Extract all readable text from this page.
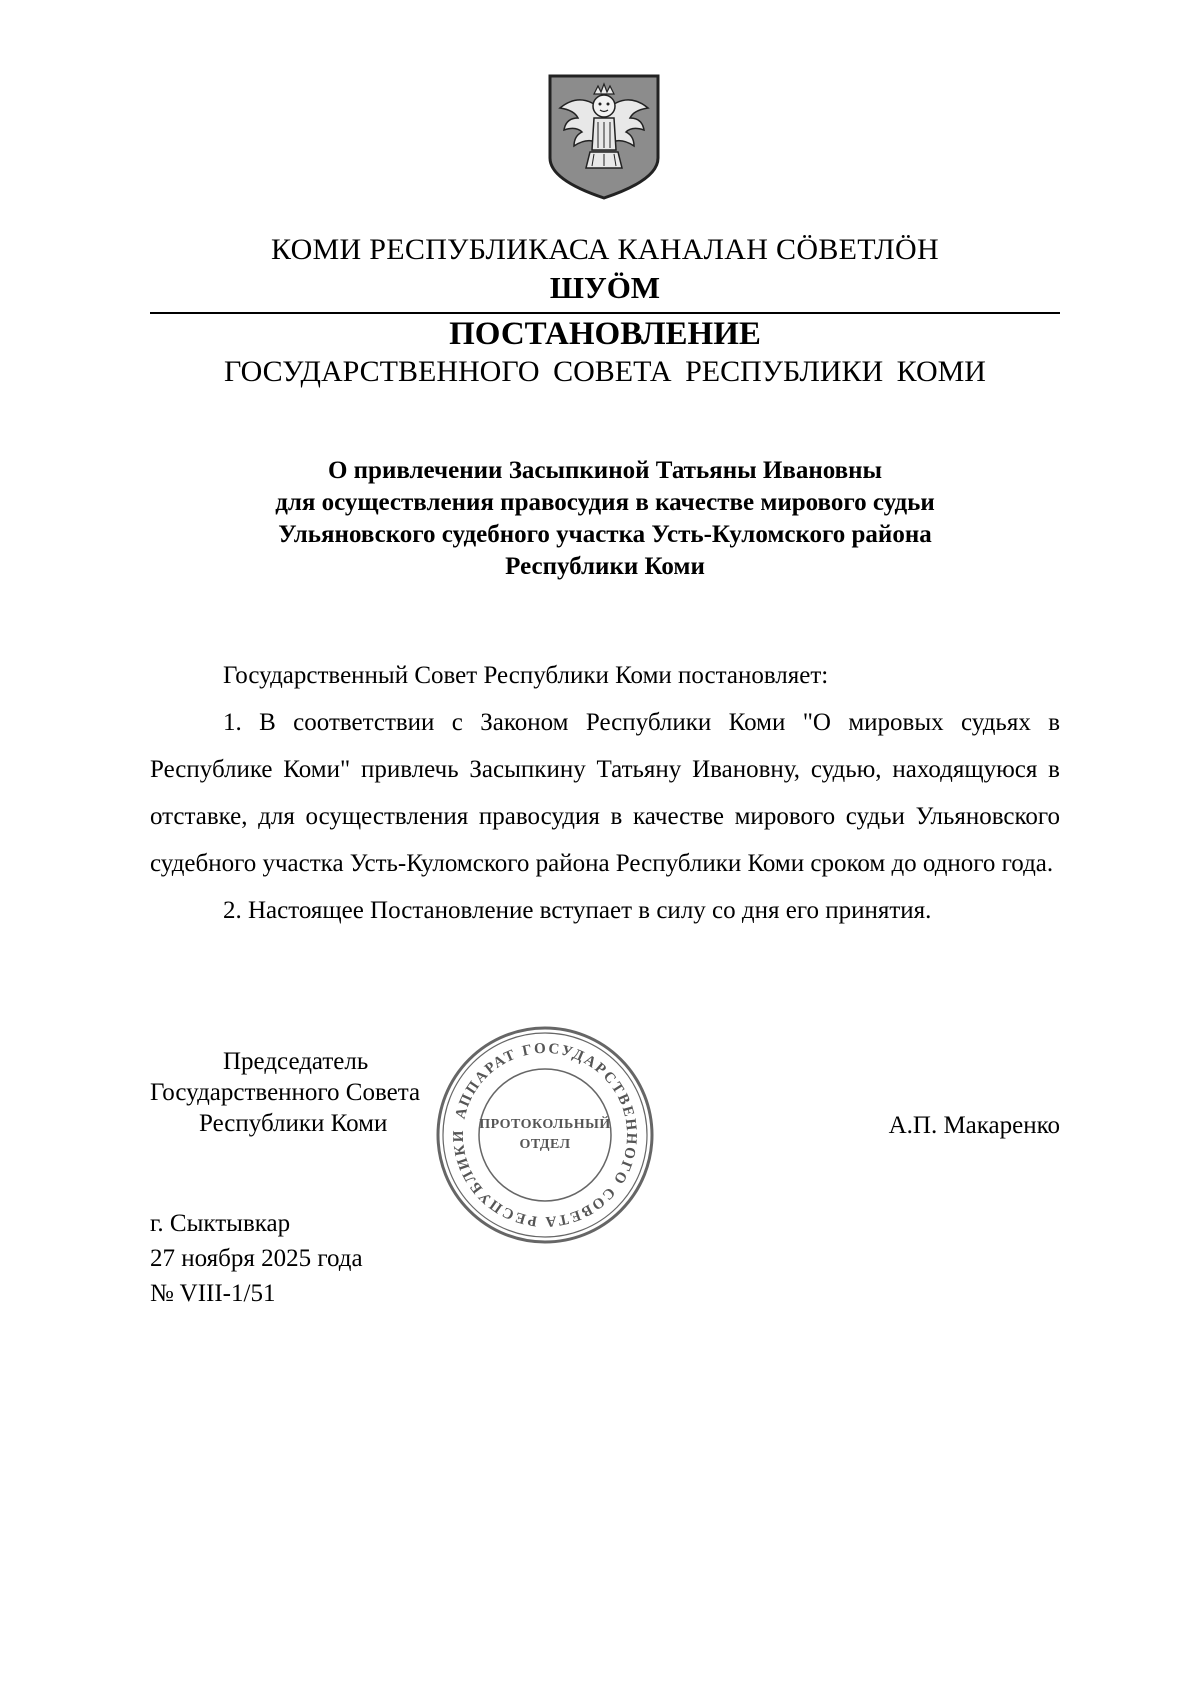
КОМИ РЕСПУБЛИКАСА КАНАЛАН СÖВЕТЛÖН
ШУÖМ
ПОСТАНОВЛЕНИЕ
ГОСУДАРСТВЕННОГО СОВЕТА РЕСПУБЛИКИ КОМИ
О привлечении Засыпкиной Татьяны Ивановны
для осуществления правосудия в качестве мирового судьи
Ульяновского судебного участка Усть-Куломского района
Республики Коми

Государственный Совет Республики Коми постановляет:

1. В соответствии с Законом Республики Коми "О мировых судьях в Республике Коми" привлечь Засыпкину Татьяну Ивановну, судью, находящуюся в отставке, для осуществления правосудия в качестве мирового судьи Ульяновского судебного участка Усть-Куломского района Республики Коми сроком до одного года.

2. Настоящее Постановление вступает в силу со дня его принятия.

Председатель
Государственного Совета
Республики Коми	АППАРАТ ГОСУДАРСТВЕННОГО СОВЕТА РЕСПУБЛИКИ
ПРОТОКОЛЬНЫЙ
ОТДЕЛ
А.П. Макаренко
г. Сыктывкар
27 ноября 2025 года
№ VIII-1/51
